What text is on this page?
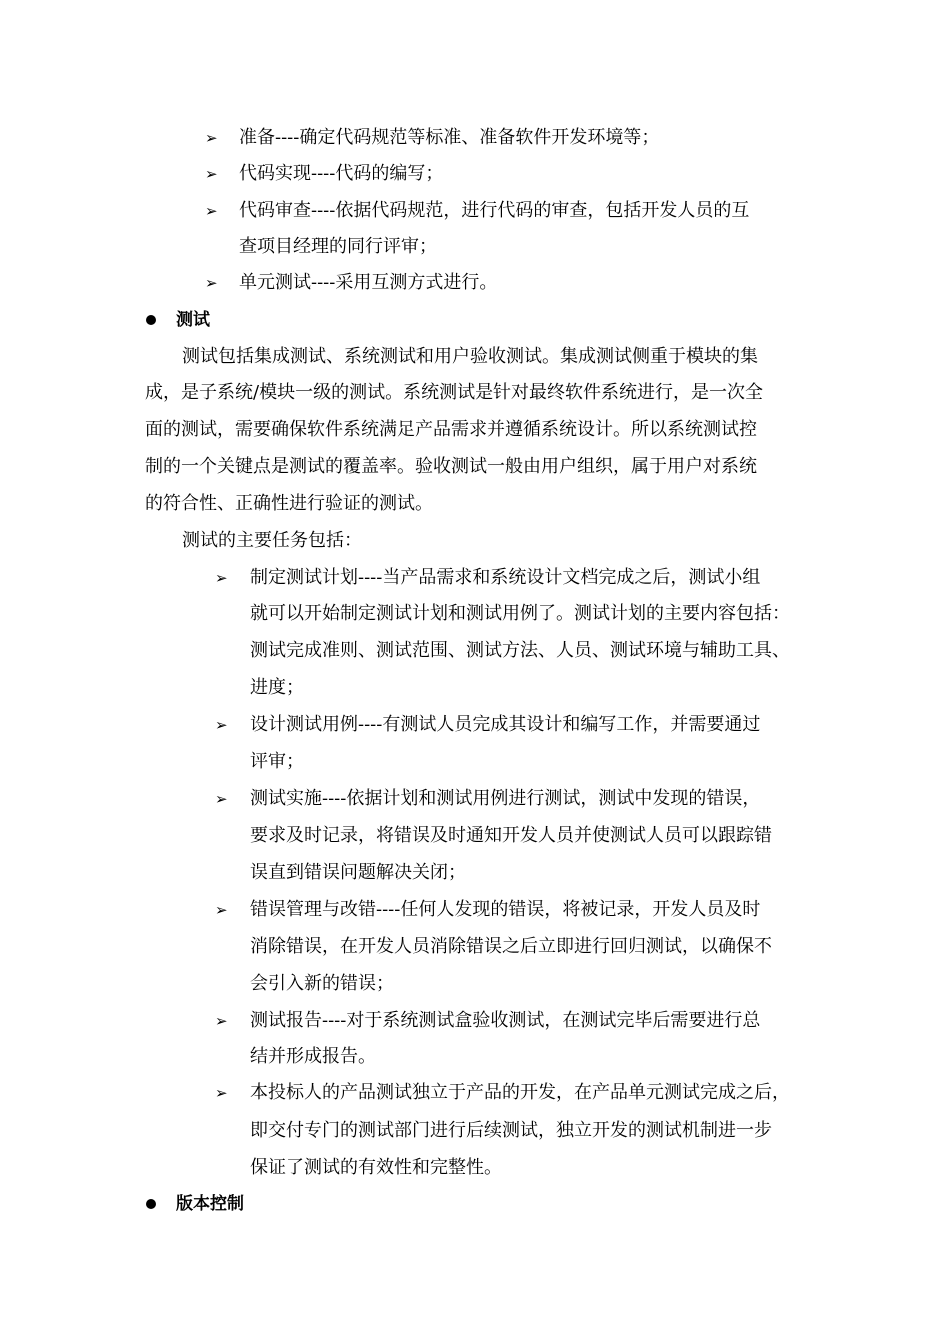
➢ 准备----确定代码规范等标准、准备软件开发环境等；
➢ 代码实现----代码的编写；
➢ 代码审查----依据代码规范，进行代码的审查，包括开发人员的互
查项目经理的同行评审；
➢ 单元测试----采用互测方式进行。
测试
测试包括集成测试、系统测试和用户验收测试。集成测试侧重于模块的集
成，是子系统/模块一级的测试。系统测试是针对最终软件系统进行，是一次全
面的测试，需要确保软件系统满足产品需求并遵循系统设计。所以系统测试控
制的一个关键点是测试的覆盖率。验收测试一般由用户组织，属于用户对系统
的符合性、正确性进行验证的测试。
测试的主要任务包括：
➢ 制定测试计划----当产品需求和系统设计文档完成之后，测试小组
就可以开始制定测试计划和测试用例了。测试计划的主要内容包括：
测试完成准则、测试范围、测试方法、人员、测试环境与辅助工具、
进度；
➢ 设计测试用例----有测试人员完成其设计和编写工作，并需要通过
评审；
➢ 测试实施----依据计划和测试用例进行测试，测试中发现的错误，
要求及时记录，将错误及时通知开发人员并使测试人员可以跟踪错
误直到错误问题解决关闭；
➢ 错误管理与改错----任何人发现的错误，将被记录，开发人员及时
消除错误，在开发人员消除错误之后立即进行回归测试，以确保不
会引入新的错误；
➢ 测试报告----对于系统测试盒验收测试，在测试完毕后需要进行总
结并形成报告。
➢ 本投标人的产品测试独立于产品的开发，在产品单元测试完成之后，
即交付专门的测试部门进行后续测试，独立开发的测试机制进一步
保证了测试的有效性和完整性。
版本控制
